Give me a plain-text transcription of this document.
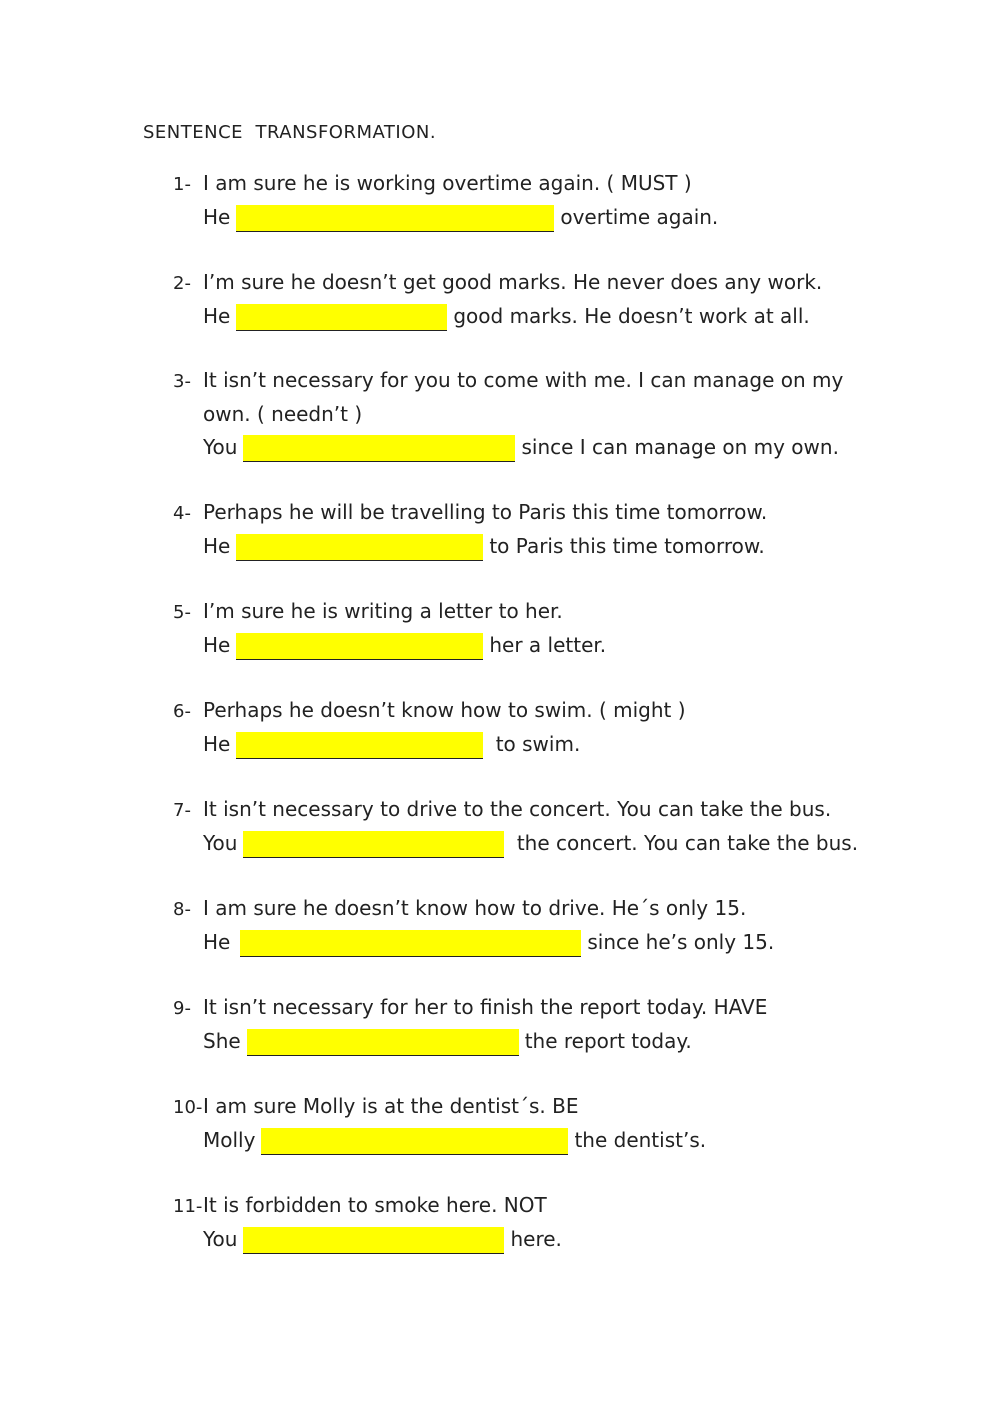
SENTENCE  TRANSFORMATION.
1- I am sure he is working overtime again. ( MUST )
He	overtime again.
2- I’m sure he doesn’t get good marks. He never does any work.
He	good marks. He doesn’t work at all.
3- It isn’t necessary for you to come with me. I can manage on my
own. ( needn’t )
You	since I can manage on my own.
4- Perhaps he will be travelling to Paris this time tomorrow.
He	to Paris this time tomorrow.
5- I’m sure he is writing a letter to her.
He	her a letter.
6- Perhaps he doesn’t know how to swim. ( might )
He	to swim.
7- It isn’t necessary to drive to the concert. You can take the bus.
You	the concert. You can take the bus.
8- I am sure he doesn’t know how to drive. He´s only 15.
He	since he’s only 15.
9- It isn’t necessary for her to finish the report today. HAVE
She	the report today.
10- I am sure Molly is at the dentist´s. BE
Molly	the dentist’s.
11- It is forbidden to smoke here. NOT
You	here.
